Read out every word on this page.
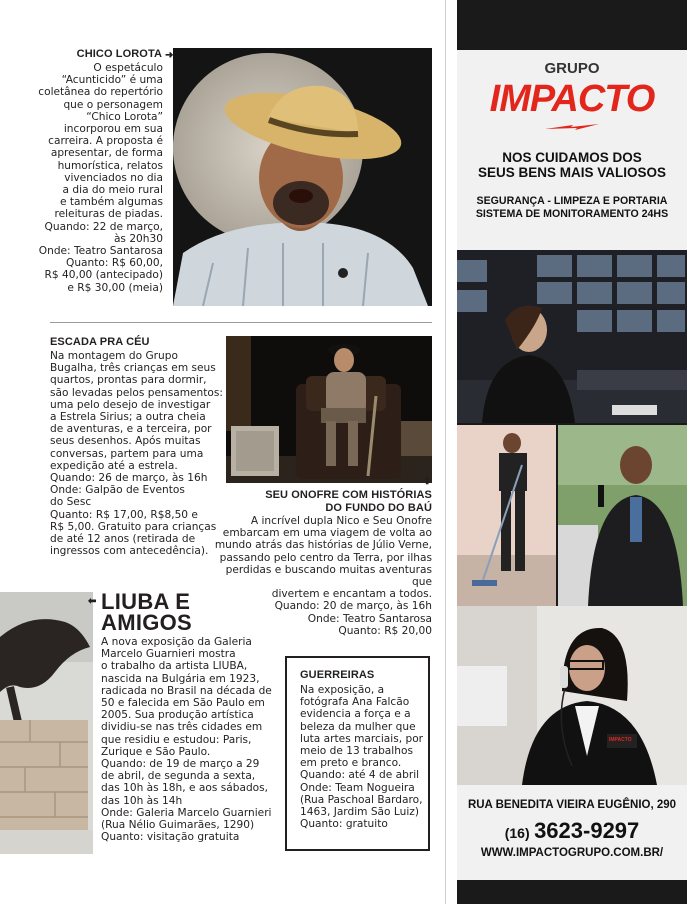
CHICO LOROTA ➜
O espetáculo
“Acunticido” é uma
coletânea do repertório
que o personagem
“Chico Lorota”
incorporou em sua
carreira. A proposta é
apresentar, de forma
humorística, relatos
vivenciados no dia
a dia do meio rural
e também algumas
releituras de piadas.
Quando: 22 de março,
às 20h30
Onde: Teatro Santarosa
Quanto: R$ 60,00,
R$ 40,00 (antecipado)
e R$ 30,00 (meia)
ESCADA PRA CÉU
Na montagem do Grupo
Bugalha, três crianças em seus
quartos, prontas para dormir,
são levadas pelos pensamentos:
uma pelo desejo de investigar
a Estrela Sirius; a outra cheia
de aventuras, e a terceira, por
seus desenhos. Após muitas
conversas, partem para uma
expedição até a estrela.
Quando: 26 de março, às 16h
Onde: Galpão de Eventos
do Sesc
Quanto: R$ 17,00, R$8,50 e
R$ 5,00. Gratuito para crianças
de até 12 anos (retirada de
ingressos com antecedência).
⬆
SEU ONOFRE COM HISTÓRIAS
DO FUNDO DO BAÚ
A incrível dupla Nico e Seu Onofre
embarcam em uma viagem de volta ao
mundo atrás das histórias de Júlio Verne,
passando pelo centro da Terra, por ilhas
perdidas e buscando muitas aventuras que
divertem e encantam a todos.
Quando: 20 de março, às 16h
Onde: Teatro Santarosa
Quanto: R$ 20,00
⬅ LIUBA E
AMIGOS
A nova exposição da Galeria
Marcelo Guarnieri mostra
o trabalho da artista LIUBA,
nascida na Bulgária em 1923,
radicada no Brasil na década de
50 e falecida em São Paulo em
2005. Sua produção artística
dividiu-se nas três cidades em
que residiu e estudou: Paris,
Zurique e São Paulo.
Quando: de 19 de março a 29
de abril, de segunda a sexta,
das 10h às 18h, e aos sábados,
das 10h às 14h
Onde: Galeria Marcelo Guarnieri
(Rua Nélio Guimarães, 1290)
Quanto: visitação gratuita
GUERREIRAS
Na exposição, a
fotógrafa Ana Falcão
evidencia a força e a
beleza da mulher que
luta artes marciais, por
meio de 13 trabalhos
em preto e branco.
Quando: até 4 de abril
Onde: Team Nogueira
(Rua Paschoal Bardaro,
1463, Jardim São Luiz)
Quanto: gratuito
GRUPO
IMPACTO
NOS CUIDAMOS DOS
SEUS BENS MAIS VALIOSOS
SEGURANÇA - LIMPEZA E PORTARIA
SISTEMA DE MONITORAMENTO 24HS
IMPACTO
RUA BENEDITA VIEIRA EUGÊNIO, 290
(16) 3623-9297
WWW.IMPACTOGRUPO.COM.BR/
